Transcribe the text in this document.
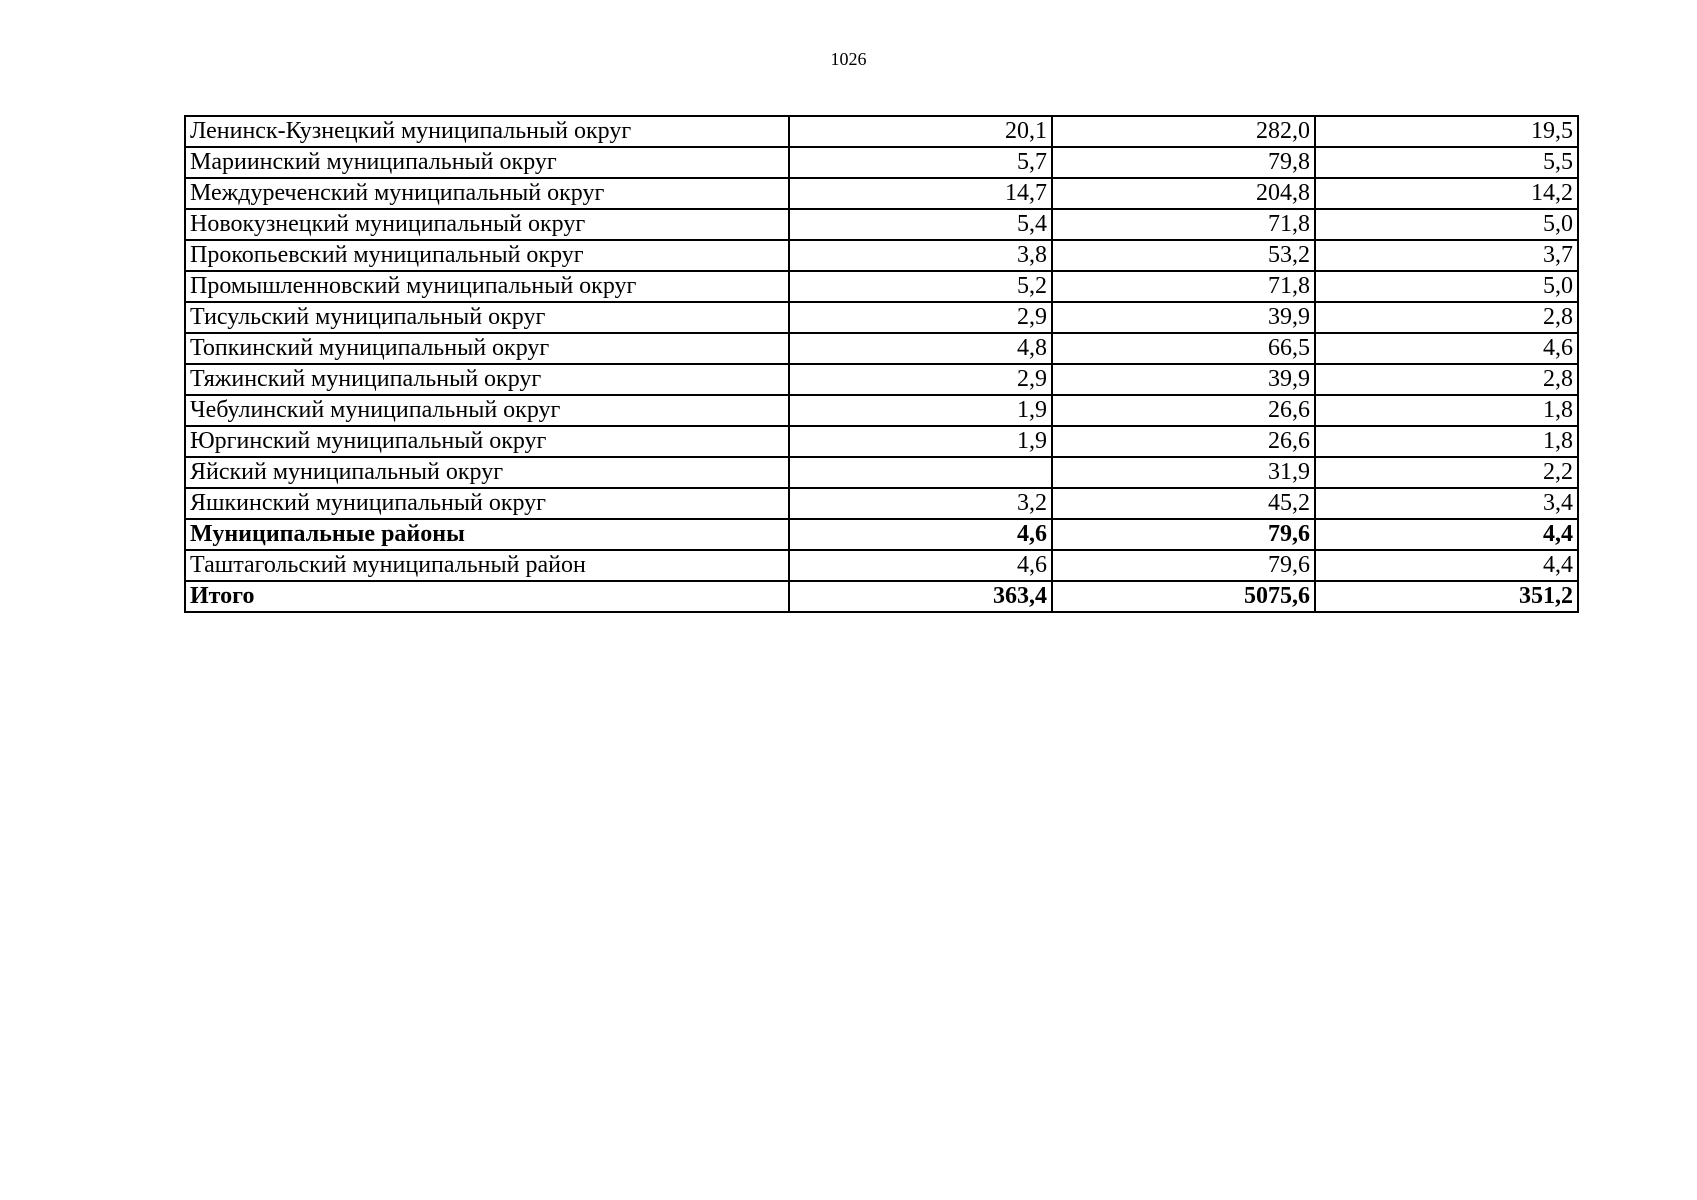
1026
Ленинск-Кузнецкий муниципальный округ	20,1	282,0	19,5
Мариинский муниципальный округ	5,7	79,8	5,5
Междуреченский муниципальный округ	14,7	204,8	14,2
Новокузнецкий муниципальный округ	5,4	71,8	5,0
Прокопьевский муниципальный округ	3,8	53,2	3,7
Промышленновский муниципальный округ	5,2	71,8	5,0
Тисульский муниципальный округ	2,9	39,9	2,8
Топкинский муниципальный округ	4,8	66,5	4,6
Тяжинский муниципальный округ	2,9	39,9	2,8
Чебулинский муниципальный округ	1,9	26,6	1,8
Юргинский муниципальный округ	1,9	26,6	1,8
Яйский муниципальный округ		31,9	2,2
Яшкинский муниципальный округ	3,2	45,2	3,4
Муниципальные районы	4,6	79,6	4,4
Таштагольский муниципальный район	4,6	79,6	4,4
Итого	363,4	5075,6	351,2
